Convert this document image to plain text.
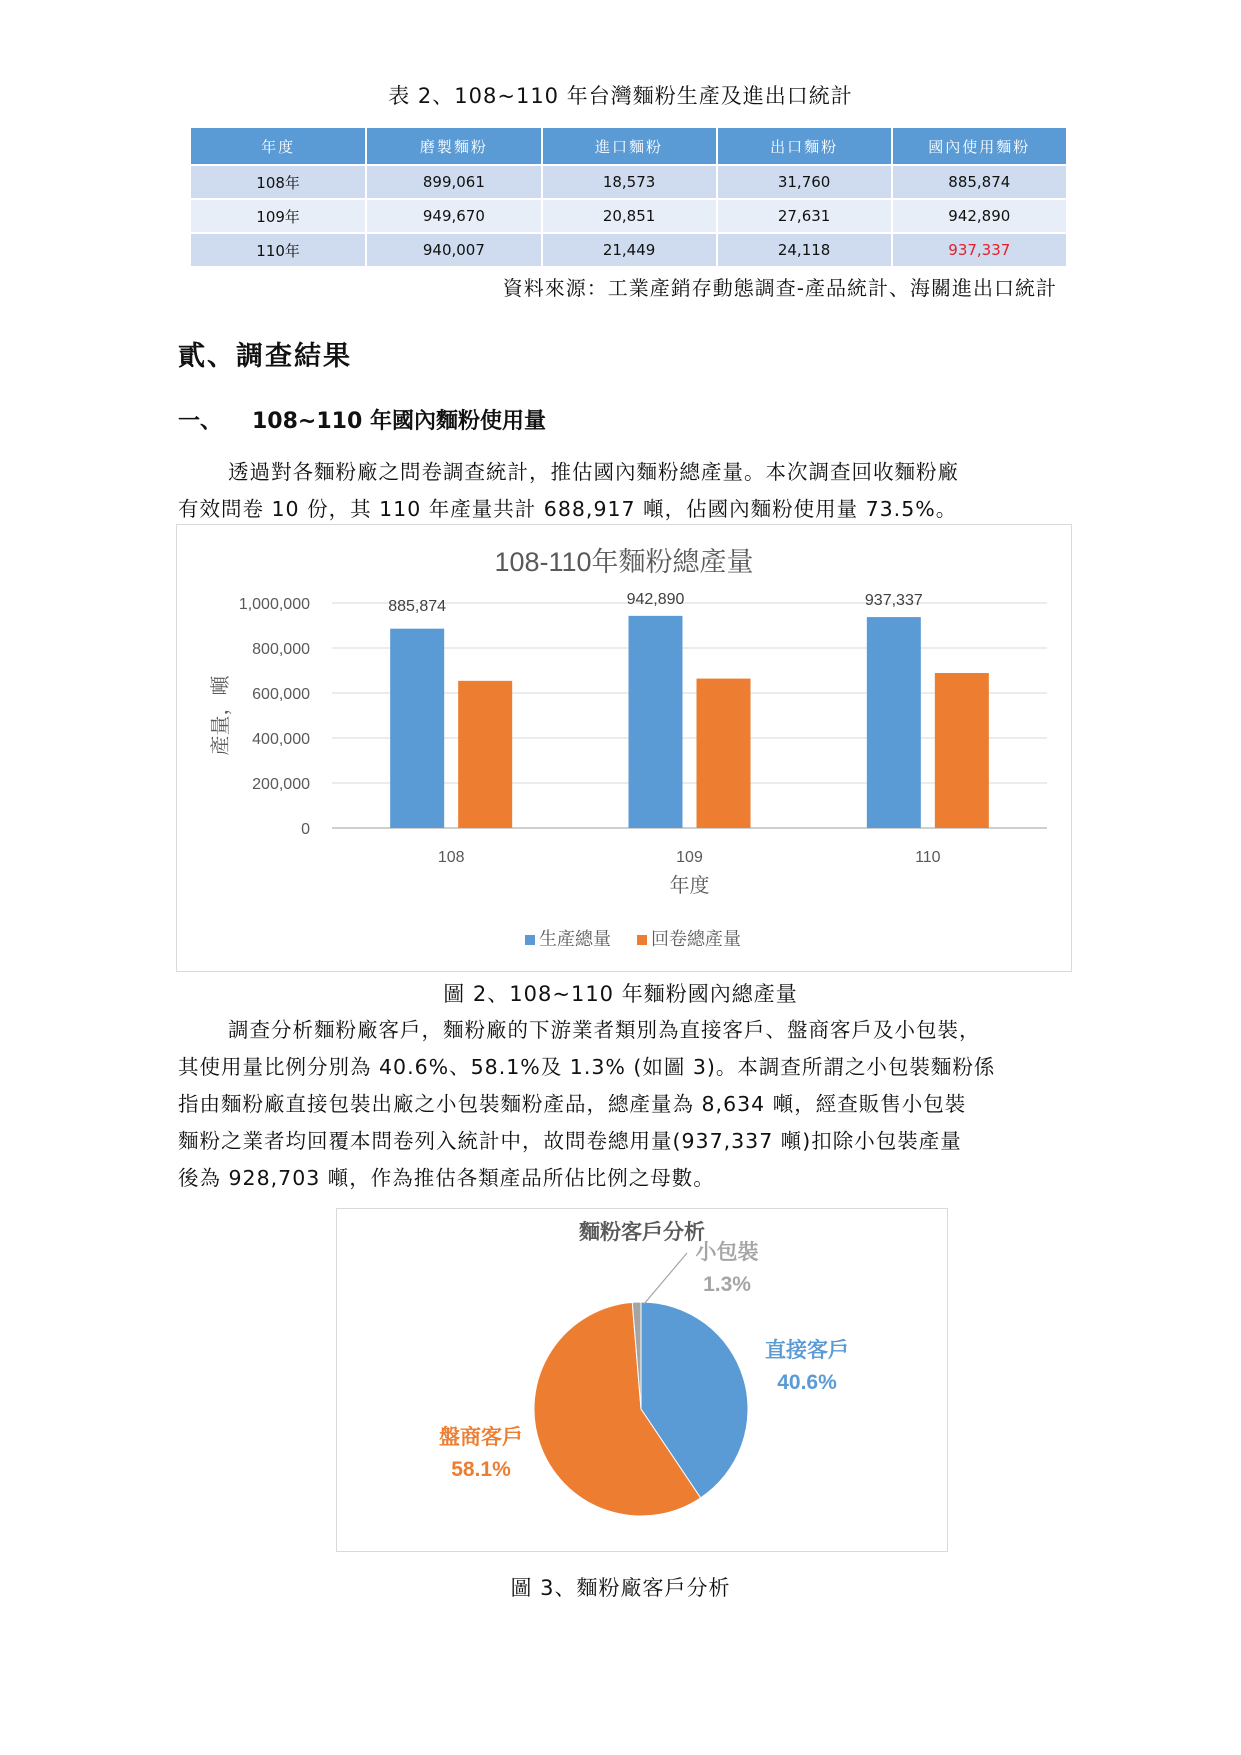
表 2、108~110 年台灣麵粉生產及進出口統計
年度	磨製麵粉	進口麵粉	出口麵粉	國內使用麵粉
108年	899,061	18,573	31,760	885,874
109年	949,670	20,851	27,631	942,890
110年	940,007	21,449	24,118	937,337
資料來源：工業產銷存動態調查-產品統計、海關進出口統計
貳、調查結果
一、 108~110 年國內麵粉使用量
透過對各麵粉廠之問卷調查統計，推估國內麵粉總產量。本次調查回收麵粉廠
有效問卷 10 份，其 110 年產量共計 688,917 噸，佔國內麵粉使用量 73.5%。
108-110年麵粉總產量
0
200,000
400,000
600,000
800,000
1,000,000	885,874
108
942,890
109
937,337
110
年度
產量，噸
生產總量 回卷總產量
圖 2、108~110 年麵粉國內總產量
調查分析麵粉廠客戶，麵粉廠的下游業者類別為直接客戶、盤商客戶及小包裝，
其使用量比例分別為 40.6%、58.1%及 1.3% (如圖 3)。本調查所謂之小包裝麵粉係
指由麵粉廠直接包裝出廠之小包裝麵粉產品，總產量為 8,634 噸，經查販售小包裝
麵粉之業者均回覆本問卷列入統計中，故問卷總用量(937,337 噸)扣除小包裝產量
後為 928,703 噸，作為推估各類產品所佔比例之母數。
麵粉客戶分析
直接客戶
40.6%
盤商客戶
58.1%
小包裝
1.3%
圖 3、麵粉廠客戶分析
